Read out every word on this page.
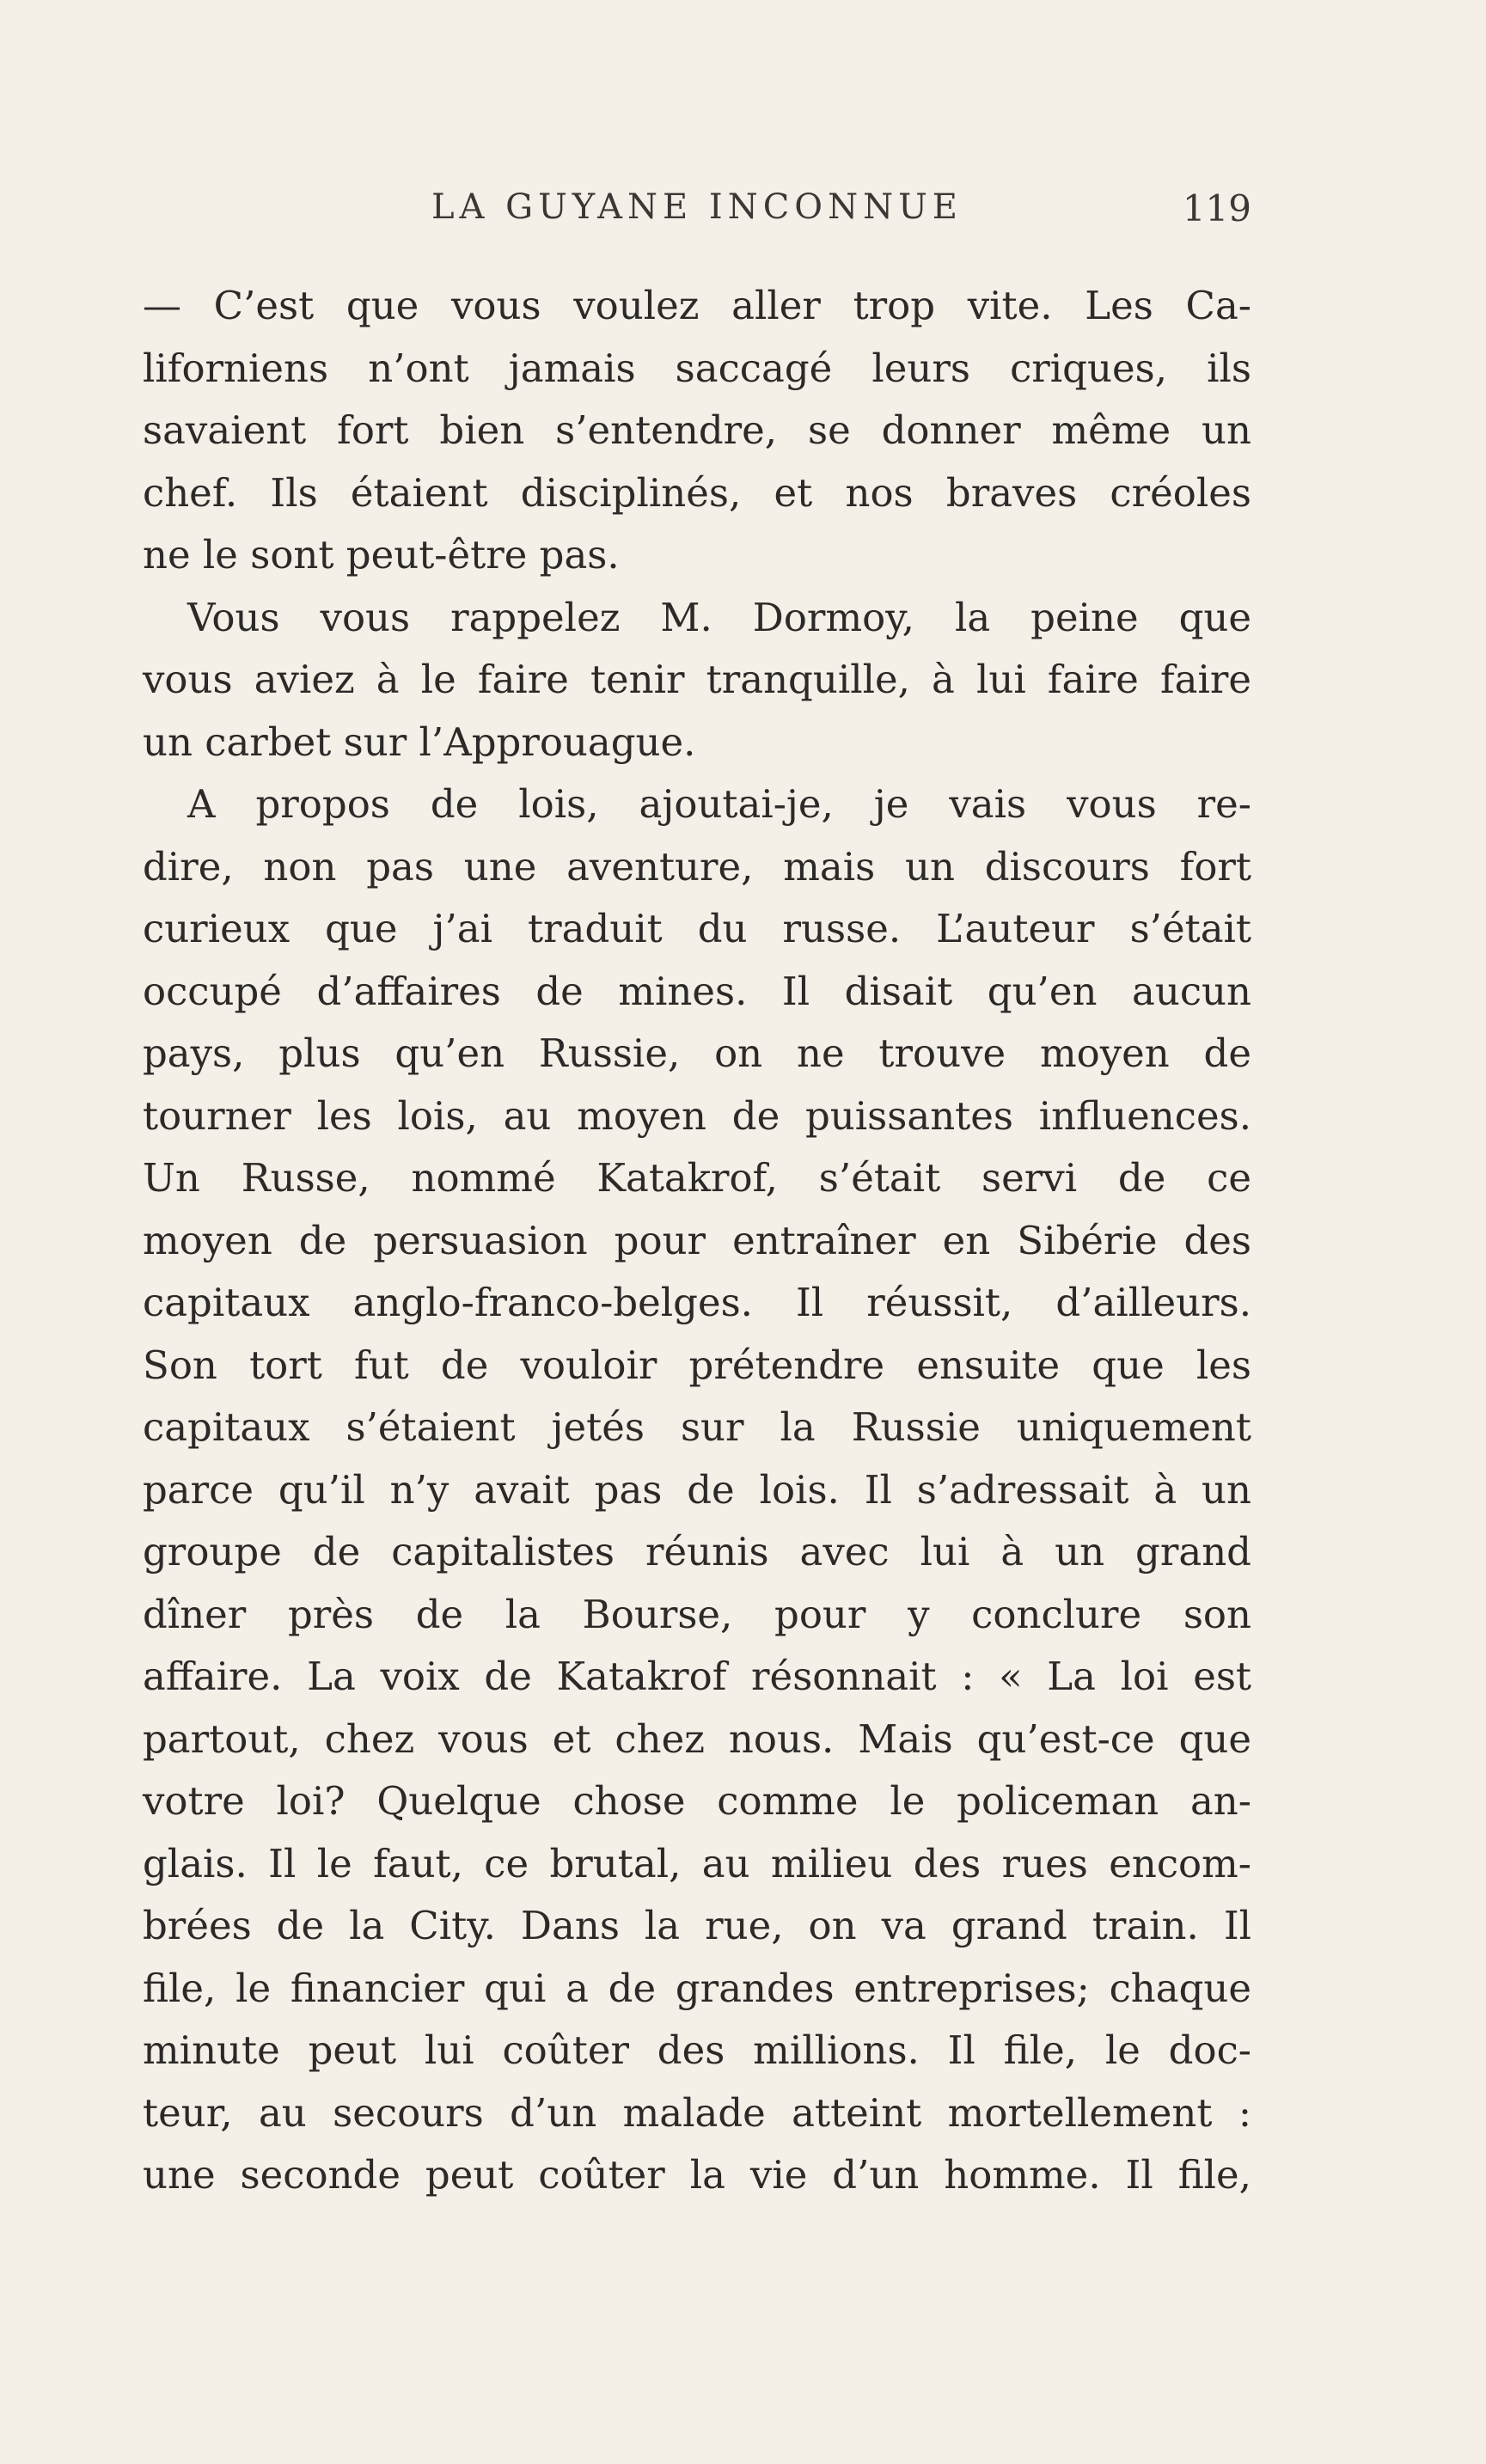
LA GUYANE INCONNUE	119
— C’est que vous voulez aller trop vite. Les Ca-
liforniens n’ont jamais saccagé leurs criques, ils
savaient fort bien s’entendre, se donner même un
chef. Ils étaient disciplinés, et nos braves créoles
ne le sont peut-être pas.
Vous vous rappelez M. Dormoy, la peine que
vous aviez à le faire tenir tranquille, à lui faire faire
un carbet sur l’Approuague.
A propos de lois, ajoutai-je, je vais vous re-
dire, non pas une aventure, mais un discours fort
curieux que j’ai traduit du russe. L’auteur s’était
occupé d’affaires de mines. Il disait qu’en aucun
pays, plus qu’en Russie, on ne trouve moyen de
tourner les lois, au moyen de puissantes influences.
Un Russe, nommé Katakrof, s’était servi de ce
moyen de persuasion pour entraîner en Sibérie des
capitaux anglo-franco-belges. Il réussit, d’ailleurs.
Son tort fut de vouloir prétendre ensuite que les
capitaux s’étaient jetés sur la Russie uniquement
parce qu’il n’y avait pas de lois. Il s’adressait à un
groupe de capitalistes réunis avec lui à un grand
dîner près de la Bourse, pour y conclure son
affaire. La voix de Katakrof résonnait : « La loi est
partout, chez vous et chez nous. Mais qu’est-ce que
votre loi? Quelque chose comme le policeman an-
glais. Il le faut, ce brutal, au milieu des rues encom-
brées de la City. Dans la rue, on va grand train. Il
file, le financier qui a de grandes entreprises; chaque
minute peut lui coûter des millions. Il file, le doc-
teur, au secours d’un malade atteint mortellement :
une seconde peut coûter la vie d’un homme. Il file,
